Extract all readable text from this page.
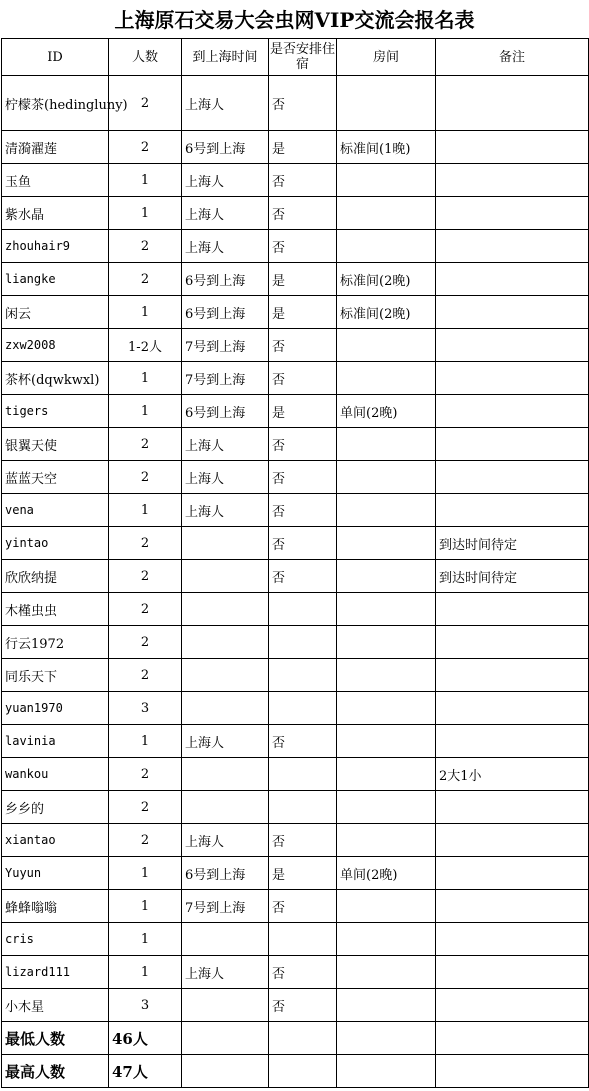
上海原石交易大会虫网VIP交流会报名表
ID	人数	到上海时间	是否安排住宿	房间	备注
柠檬茶(hedingluny)	2	上海人	否		
清漪濯莲	2	6号到上海	是	标准间(1晚)	
玉鱼	1	上海人	否		
紫水晶	1	上海人	否		
zhouhair9	2	上海人	否		
liangke	2	6号到上海	是	标准间(2晚)	
闲云	1	6号到上海	是	标准间(2晚)	
zxw2008	1-2人	7号到上海	否		
茶杯(dqwkwxl)	1	7号到上海	否		
tigers	1	6号到上海	是	单间(2晚)	
银翼天使	2	上海人	否		
蓝蓝天空	2	上海人	否		
vena	1	上海人	否		
yintao	2		否		到达时间待定
欣欣纳提	2		否		到达时间待定
木槿虫虫	2				
行云1972	2				
同乐天下	2				
yuan1970	3				
lavinia	1	上海人	否		
wankou	2				2大1小
乡乡的	2				
xiantao	2	上海人	否		
Yuyun	1	6号到上海	是	单间(2晚)	
蜂蜂嗡嗡	1	7号到上海	否		
cris	1				
lizard111	1	上海人	否		
小木星	3		否		
最低人数	46人				
最高人数	47人				
